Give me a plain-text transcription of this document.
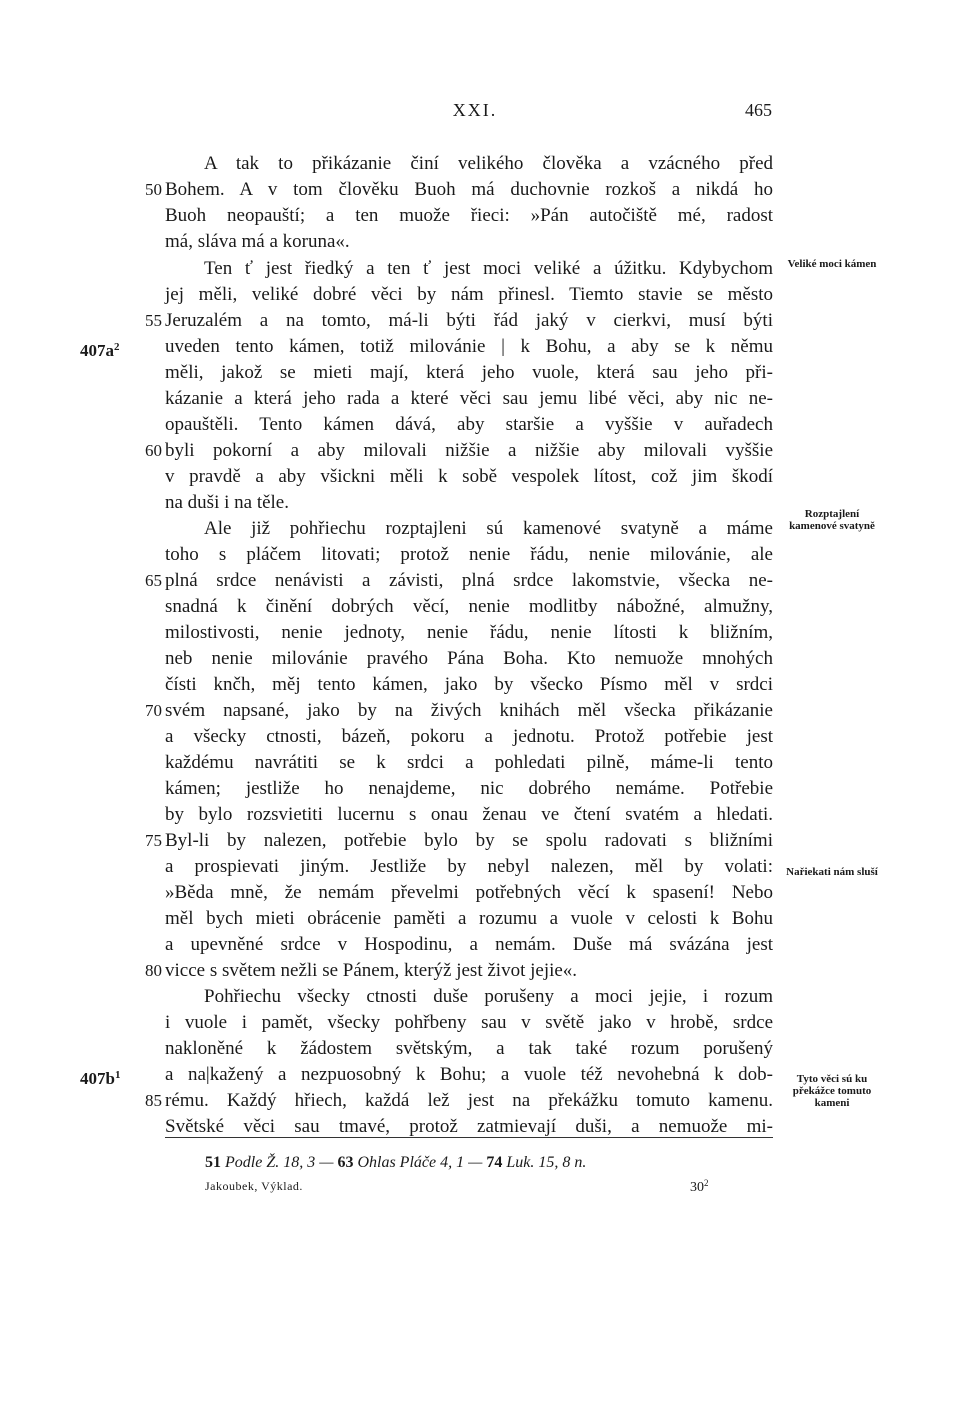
XXI.	465
A tak to přikázanie činí velikého člověka a vzácného před
Bohem. A v tom člověku Buoh má duchovnie rozkoš a nikdá ho
Buoh neopauští; a ten muože řieci: »Pán autočiště mé, radost
má, sláva má a koruna«.
Ten ť jest řiedký a ten ť jest moci veliké a úžitku. Kdybychom
jej měli, veliké dobré věci by nám přinesl. Tiemto stavie se město
Jeruzalém a na tomto, má-li býti řád jaký v cierkvi, musí býti
uveden tento kámen, totiž milovánie | k Bohu, a aby se k němu
měli, jakož se mieti mají, která jeho vuole, která sau jeho při-
kázanie a která jeho rada a které věci sau jemu libé věci, aby nic ne-
opauštěli. Tento kámen dává, aby staršie a vyššie v auřadech
byli pokorní a aby milovali nižšie a nižšie aby milovali vyššie
v pravdě a aby všickni měli k sobě vespolek lítost, což jim škodí
na duši i na těle.
Ale již pohřiechu rozptajleni sú kamenové svatyně a máme
toho s pláčem litovati; protož nenie řádu, nenie milovánie, ale
plná srdce nenávisti a závisti, plná srdce lakomstvie, všecka ne-
snadná k činění dobrých věcí, nenie modlitby nábožné, almužny,
milostivosti, nenie jednoty, nenie řádu, nenie lítosti k bližním,
neb nenie milovánie pravého Pána Boha. Kto nemuože mnohých
čísti knčh, měj tento kámen, jako by všecko Písmo měl v srdci
svém napsané, jako by na živých knihách měl všecka přikázanie
a všecky ctnosti, bázeň, pokoru a jednotu. Protož potřebie jest
každému navrátiti se k srdci a pohledati pilně, máme-li tento
kámen; jestliže ho nenajdeme, nic dobrého nemáme. Potřebie
by bylo rozsvietiti lucernu s onau ženau ve čtení svatém a hledati.
Byl-li by nalezen, potřebie bylo by se spolu radovati s bližními
a prospievati jiným. Jestliže by nebyl nalezen, měl by volati:
»Běda mně, že nemám převelmi potřebných věcí k spasení! Nebo
měl bych mieti obrácenie paměti a rozumu a vuole v celosti k Bohu
a upevněné srdce v Hospodinu, a nemám. Duše má svázána jest
vicce s světem nežli se Pánem, kterýž jest život jejie«.
Pohřiechu všecky ctnosti duše porušeny a moci jejie, i rozum
i vuole i pamět, všecky pohřbeny sau v světě jako v hrobě, srdce
nakloněné k žádostem světským, a tak také rozum porušený
a na|kažený a nezpuosobný k Bohu; a vuole též nevohebná k dob-
rému. Každý hřiech, každá lež jest na překážku tomuto kamenu.
Světské věci sau tmavé, protož zatmievají duši, a nemuože mi-
50
55
60
65
70
75
80
85
$407a^2$
$407b^1$
Veliké moci kámen
Rozptajlení kamenové svatyně
Nařiekati nám sluší
Tyto věci sú ku překážce tomuto kameni
51 Podle Ž. 18, 3 — 63 Ohlas Pláče 4, 1 — 74 Luk. 15, 8 n.
Jakoubek, Výklad.	$30^2$
